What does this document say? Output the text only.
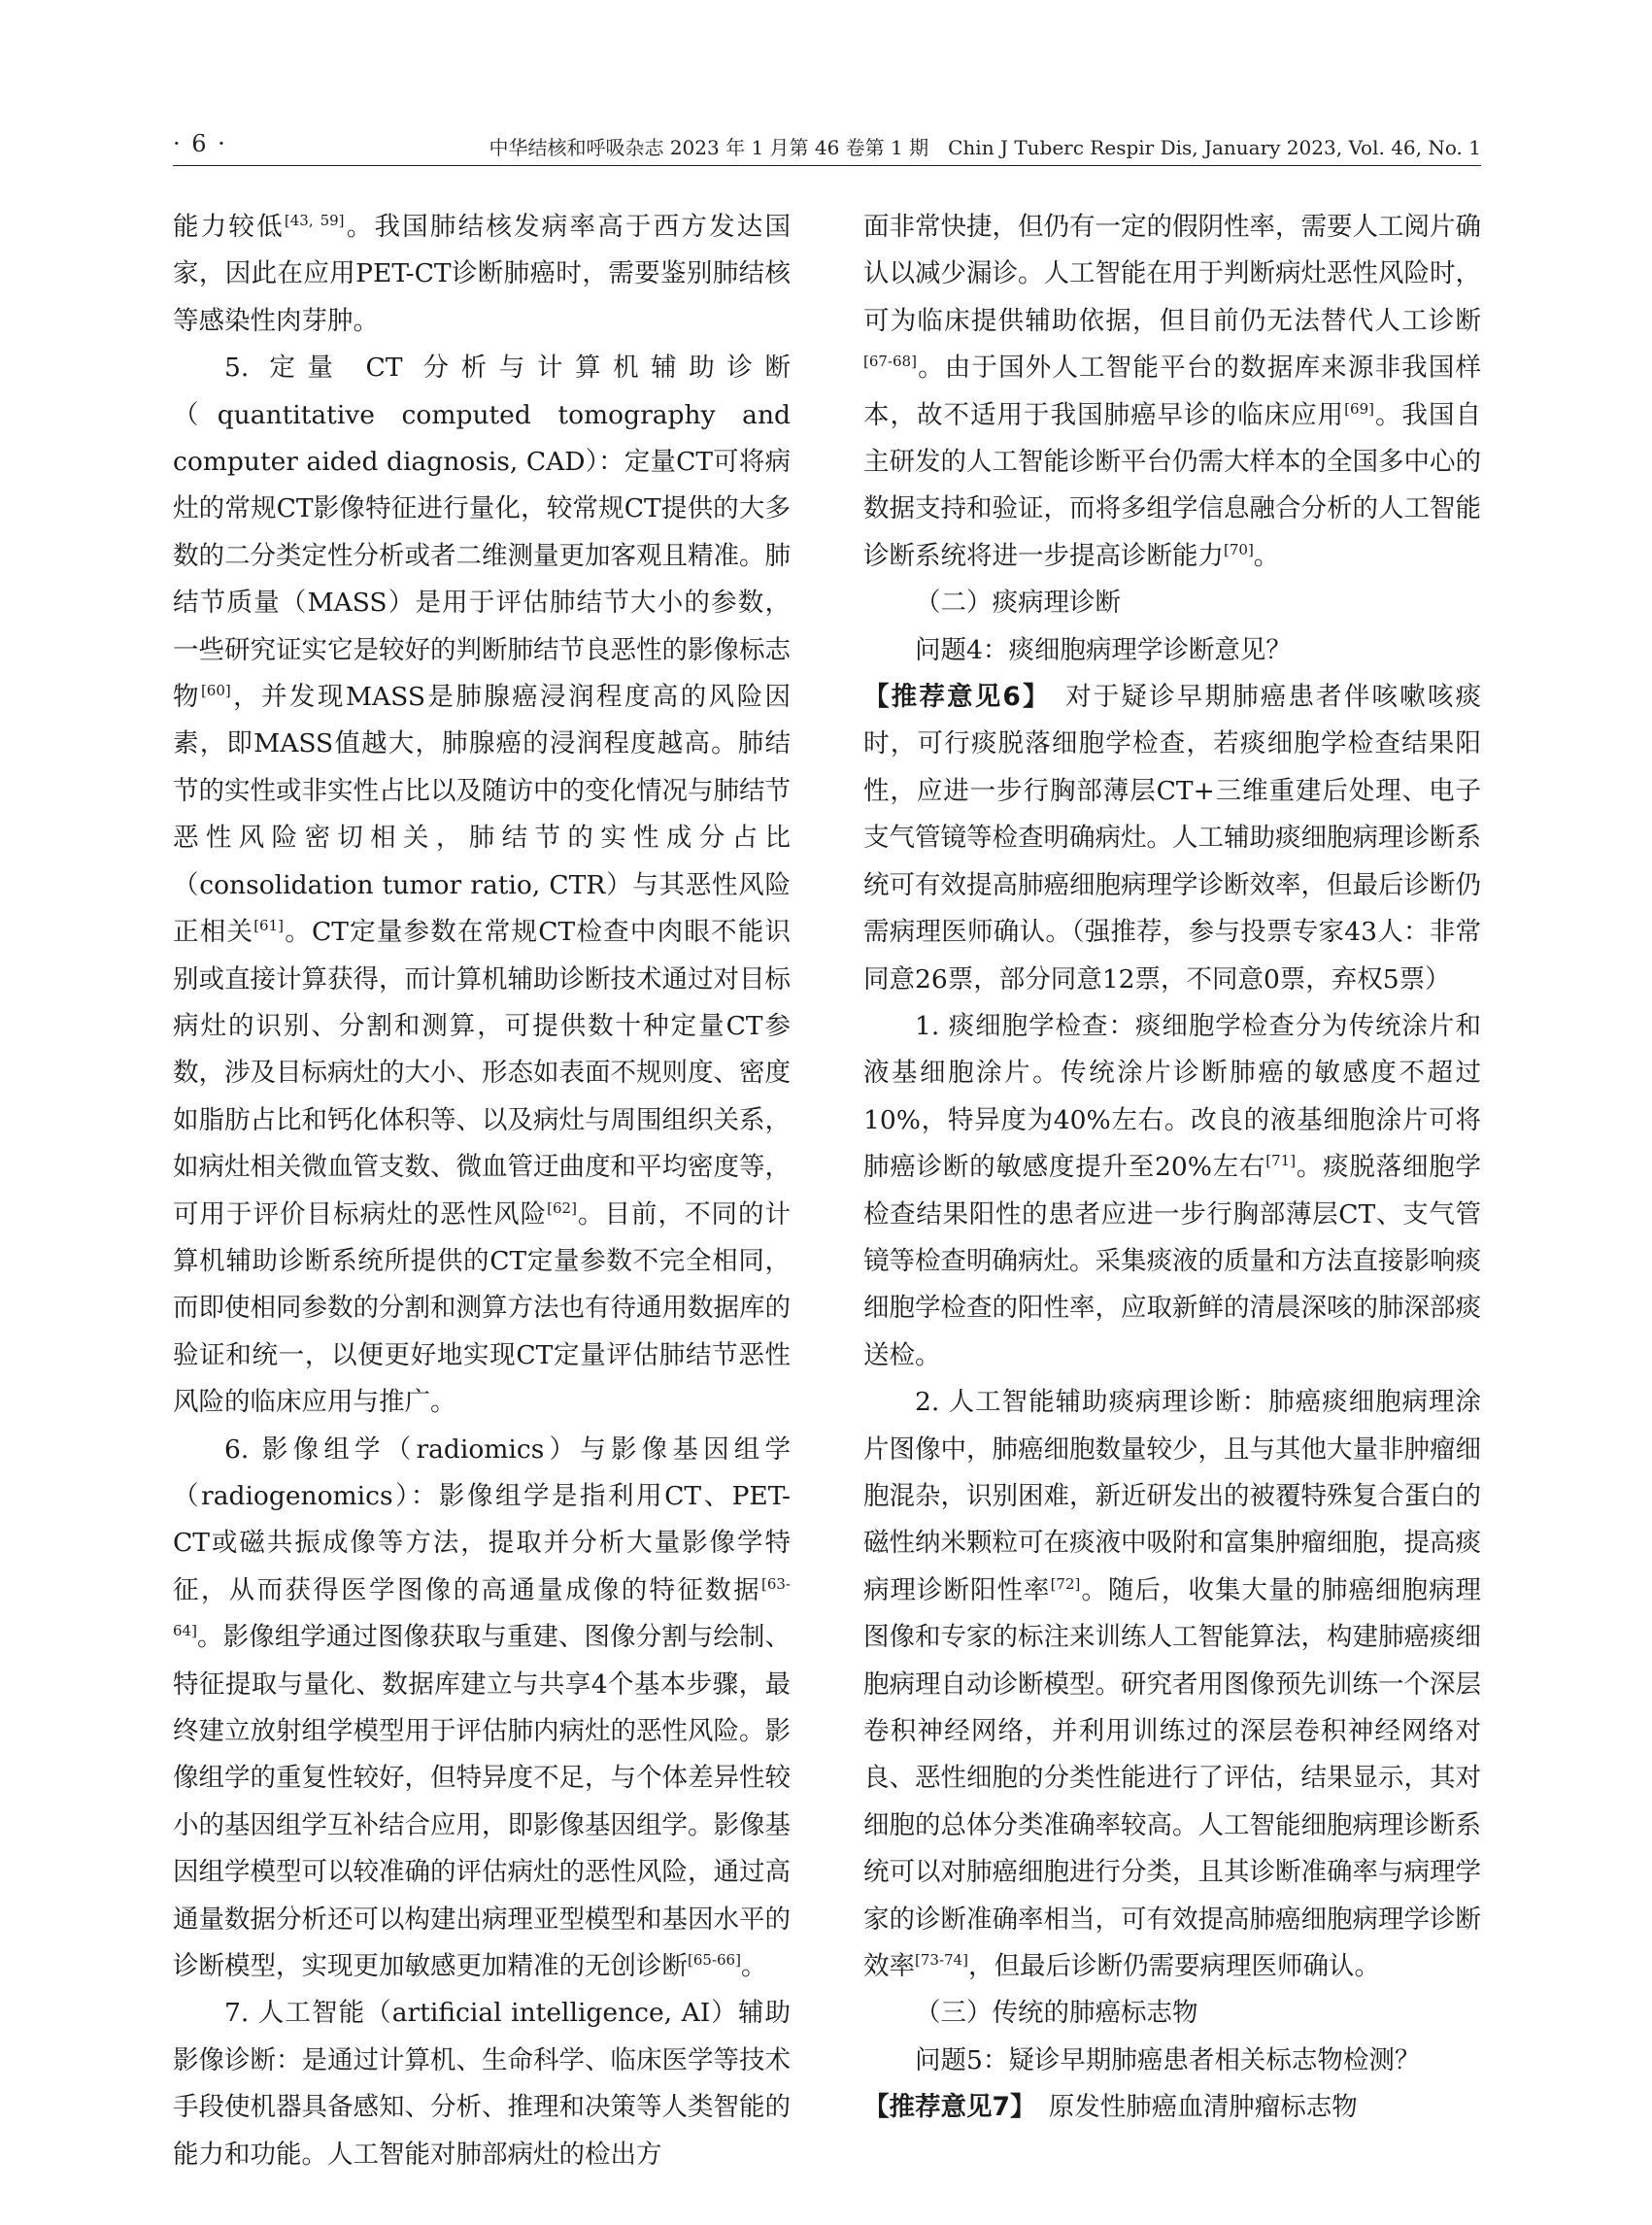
· 6 ·	中华结核和呼吸杂志 2023 年 1 月第 46 卷第 1 期　Chin J Tuberc Respir Dis, January 2023, Vol. 46, No. 1

能力较低[43, 59]。我国肺结核发病率高于西方发达国家，因此在应用PET-CT诊断肺癌时，需要鉴别肺结核等感染性肉芽肿。

5. 定量 CT 分析与计算机辅助诊断（quantitative computed tomography and computer aided diagnosis, CAD）：定量CT可将病灶的常规CT影像特征进行量化，较常规CT提供的大多数的二分类定性分析或者二维测量更加客观且精准。肺结节质量（MASS）是用于评估肺结节大小的参数，一些研究证实它是较好的判断肺结节良恶性的影像标志物[60]，并发现MASS是肺腺癌浸润程度高的风险因素，即MASS值越大，肺腺癌的浸润程度越高。肺结节的实性或非实性占比以及随访中的变化情况与肺结节恶性风险密切相关，肺结节的实性成分占比（consolidation tumor ratio, CTR）与其恶性风险正相关[61]。CT定量参数在常规CT检查中肉眼不能识别或直接计算获得，而计算机辅助诊断技术通过对目标病灶的识别、分割和测算，可提供数十种定量CT参数，涉及目标病灶的大小、形态如表面不规则度、密度如脂肪占比和钙化体积等、以及病灶与周围组织关系，如病灶相关微血管支数、微血管迂曲度和平均密度等，可用于评价目标病灶的恶性风险[62]。目前，不同的计算机辅助诊断系统所提供的CT定量参数不完全相同，而即使相同参数的分割和测算方法也有待通用数据库的验证和统一，以便更好地实现CT定量评估肺结节恶性风险的临床应用与推广。

6. 影像组学（radiomics）与影像基因组学（radiogenomics）：影像组学是指利用CT、PET-CT或磁共振成像等方法，提取并分析大量影像学特征，从而获得医学图像的高通量成像的特征数据[63-64]。影像组学通过图像获取与重建、图像分割与绘制、特征提取与量化、数据库建立与共享4个基本步骤，最终建立放射组学模型用于评估肺内病灶的恶性风险。影像组学的重复性较好，但特异度不足，与个体差异性较小的基因组学互补结合应用，即影像基因组学。影像基因组学模型可以较准确的评估病灶的恶性风险，通过高通量数据分析还可以构建出病理亚型模型和基因水平的诊断模型，实现更加敏感更加精准的无创诊断[65-66]。

7. 人工智能（artificial intelligence, AI）辅助影像诊断：是通过计算机、生命科学、临床医学等技术手段使机器具备感知、分析、推理和决策等人类智能的能力和功能。人工智能对肺部病灶的检出方

面非常快捷，但仍有一定的假阴性率，需要人工阅片确认以减少漏诊。人工智能在用于判断病灶恶性风险时，可为临床提供辅助依据，但目前仍无法替代人工诊断[67-68]。由于国外人工智能平台的数据库来源非我国样本，故不适用于我国肺癌早诊的临床应用[69]。我国自主研发的人工智能诊断平台仍需大样本的全国多中心的数据支持和验证，而将多组学信息融合分析的人工智能诊断系统将进一步提高诊断能力[70]。

（二）痰病理诊断

问题4：痰细胞病理学诊断意见？

【推荐意见6】　对于疑诊早期肺癌患者伴咳嗽咳痰时，可行痰脱落细胞学检查，若痰细胞学检查结果阳性，应进一步行胸部薄层CT+三维重建后处理、电子支气管镜等检查明确病灶。人工辅助痰细胞病理诊断系统可有效提高肺癌细胞病理学诊断效率，但最后诊断仍需病理医师确认。（强推荐，参与投票专家43人：非常同意26票，部分同意12票，不同意0票，弃权5票）

1. 痰细胞学检查：痰细胞学检查分为传统涂片和液基细胞涂片。传统涂片诊断肺癌的敏感度不超过10%，特异度为40%左右。改良的液基细胞涂片可将肺癌诊断的敏感度提升至20%左右[71]。痰脱落细胞学检查结果阳性的患者应进一步行胸部薄层CT、支气管镜等检查明确病灶。采集痰液的质量和方法直接影响痰细胞学检查的阳性率，应取新鲜的清晨深咳的肺深部痰送检。

2. 人工智能辅助痰病理诊断：肺癌痰细胞病理涂片图像中，肺癌细胞数量较少，且与其他大量非肿瘤细胞混杂，识别困难，新近研发出的被覆特殊复合蛋白的磁性纳米颗粒可在痰液中吸附和富集肿瘤细胞，提高痰病理诊断阳性率[72]。随后，收集大量的肺癌细胞病理图像和专家的标注来训练人工智能算法，构建肺癌痰细胞病理自动诊断模型。研究者用图像预先训练一个深层卷积神经网络，并利用训练过的深层卷积神经网络对良、恶性细胞的分类性能进行了评估，结果显示，其对细胞的总体分类准确率较高。人工智能细胞病理诊断系统可以对肺癌细胞进行分类，且其诊断准确率与病理学家的诊断准确率相当，可有效提高肺癌细胞病理学诊断效率[73-74]，但最后诊断仍需要病理医师确认。

（三）传统的肺癌标志物

问题5：疑诊早期肺癌患者相关标志物检测？

【推荐意见7】　原发性肺癌血清肿瘤标志物
